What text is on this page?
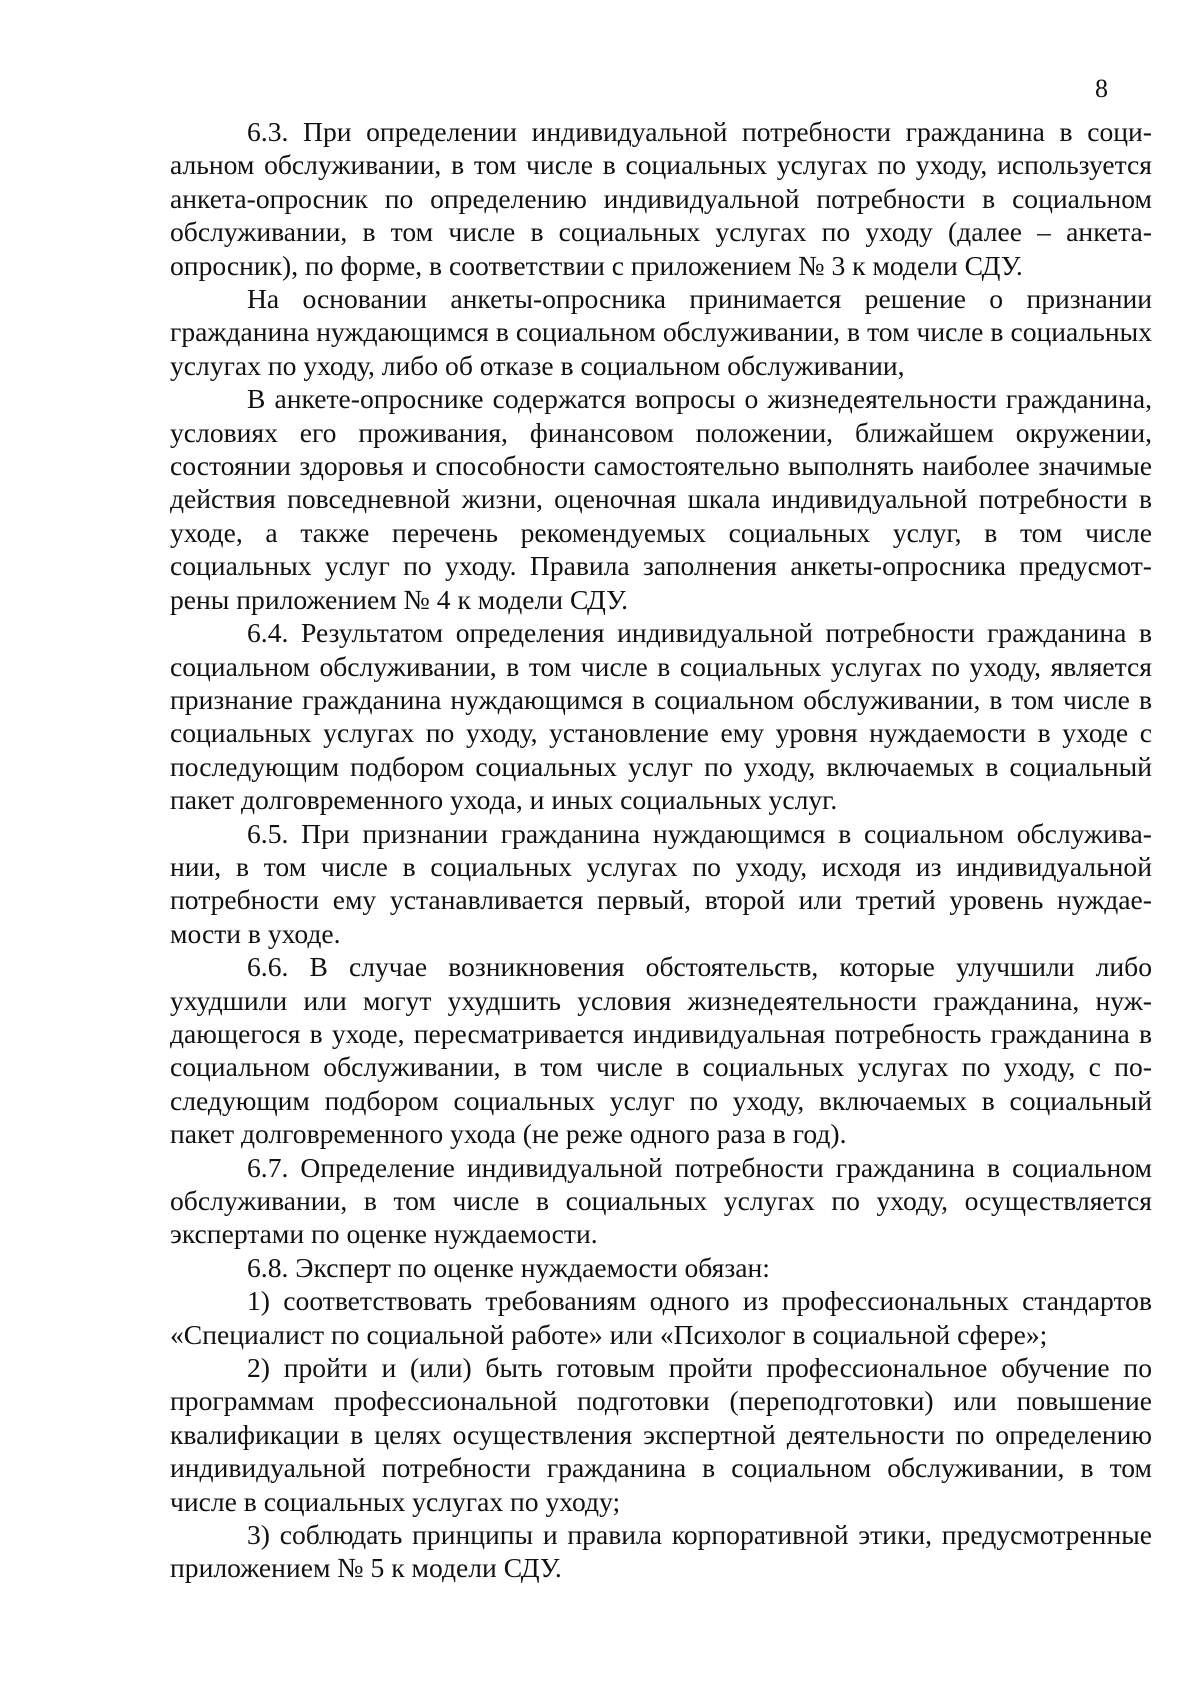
8

6.3. При определении индивидуальной потребности гражданина в социальном обслуживании, в том числе в социальных услугах по уходу, используется анкета-опросник по определению индивидуальной потребности в социальном обслуживании, в том числе в социальных услугах по уходу (далее – анкета-опросник), по форме, в соответствии с приложением № 3 к модели СДУ.

На основании анкеты-опросника принимается решение о признании гражданина нуждающимся в социальном обслуживании, в том числе в социальных услугах по уходу, либо об отказе в социальном обслуживании,

В анкете-опроснике содержатся вопросы о жизнедеятельности гражданина, условиях его проживания, финансовом положении, ближайшем окружении, состоянии здоровья и способности самостоятельно выполнять наиболее значимые действия повседневной жизни, оценочная шкала индивидуальной потребности в уходе, а также перечень рекомендуемых социальных услуг, в том числе социальных услуг по уходу. Правила заполнения анкеты-опросника предусмотрены приложением № 4 к модели СДУ.

6.4. Результатом определения индивидуальной потребности гражданина в социальном обслуживании, в том числе в социальных услугах по уходу, является признание гражданина нуждающимся в социальном обслуживании, в том числе в социальных услугах по уходу, установление ему уровня нуждаемости в уходе с последующим подбором социальных услуг по уходу, включаемых в социальный пакет долговременного ухода, и иных социальных услуг.

6.5. При признании гражданина нуждающимся в социальном обслуживании, в том числе в социальных услугах по уходу, исходя из индивидуальной потребности ему устанавливается первый, второй или третий уровень нуждаемости в уходе.

6.6. В случае возникновения обстоятельств, которые улучшили либо ухудшили или могут ухудшить условия жизнедеятельности гражданина, нуждающегося в уходе, пересматривается индивидуальная потребность гражданина в социальном обслуживании, в том числе в социальных услугах по уходу, с последующим подбором социальных услуг по уходу, включаемых в социальный пакет долговременного ухода (не реже одного раза в год).

6.7. Определение индивидуальной потребности гражданина в социальном обслуживании, в том числе в социальных услугах по уходу, осуществляется экспертами по оценке нуждаемости.

6.8. Эксперт по оценке нуждаемости обязан:

1) соответствовать требованиям одного из профессиональных стандартов «Специалист по социальной работе» или «Психолог в социальной сфере»;

2) пройти и (или) быть готовым пройти профессиональное обучение по программам профессиональной подготовки (переподготовки) или повышение квалификации в целях осуществления экспертной деятельности по определению индивидуальной потребности гражданина в социальном обслуживании, в том числе в социальных услугах по уходу;

3) соблюдать принципы и правила корпоративной этики, предусмотренные приложением № 5 к модели СДУ.
